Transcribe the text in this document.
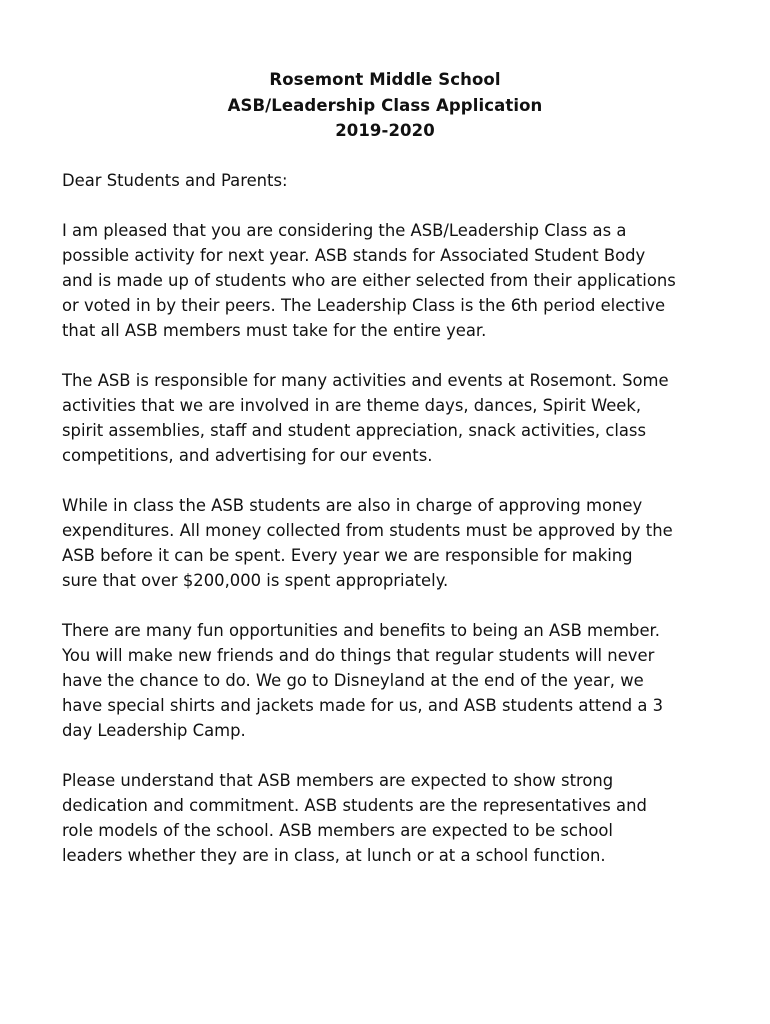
Rosemont Middle School
ASB/Leadership Class Application
2019-2020
Dear Students and Parents:
I am pleased that you are considering the ASB/Leadership Class as a
possible activity for next year. ASB stands for Associated Student Body
and is made up of students who are either selected from their applications
or voted in by their peers. The Leadership Class is the 6th period elective
that all ASB members must take for the entire year.
The ASB is responsible for many activities and events at Rosemont. Some
activities that we are involved in are theme days, dances, Spirit Week,
spirit assemblies, staff and student appreciation, snack activities, class
competitions, and advertising for our events.
While in class the ASB students are also in charge of approving money
expenditures. All money collected from students must be approved by the
ASB before it can be spent. Every year we are responsible for making
sure that over $200,000 is spent appropriately.
There are many fun opportunities and benefits to being an ASB member.
You will make new friends and do things that regular students will never
have the chance to do. We go to Disneyland at the end of the year, we
have special shirts and jackets made for us, and ASB students attend a 3
day Leadership Camp.
Please understand that ASB members are expected to show strong
dedication and commitment. ASB students are the representatives and
role models of the school. ASB members are expected to be school
leaders whether they are in class, at lunch or at a school function.
